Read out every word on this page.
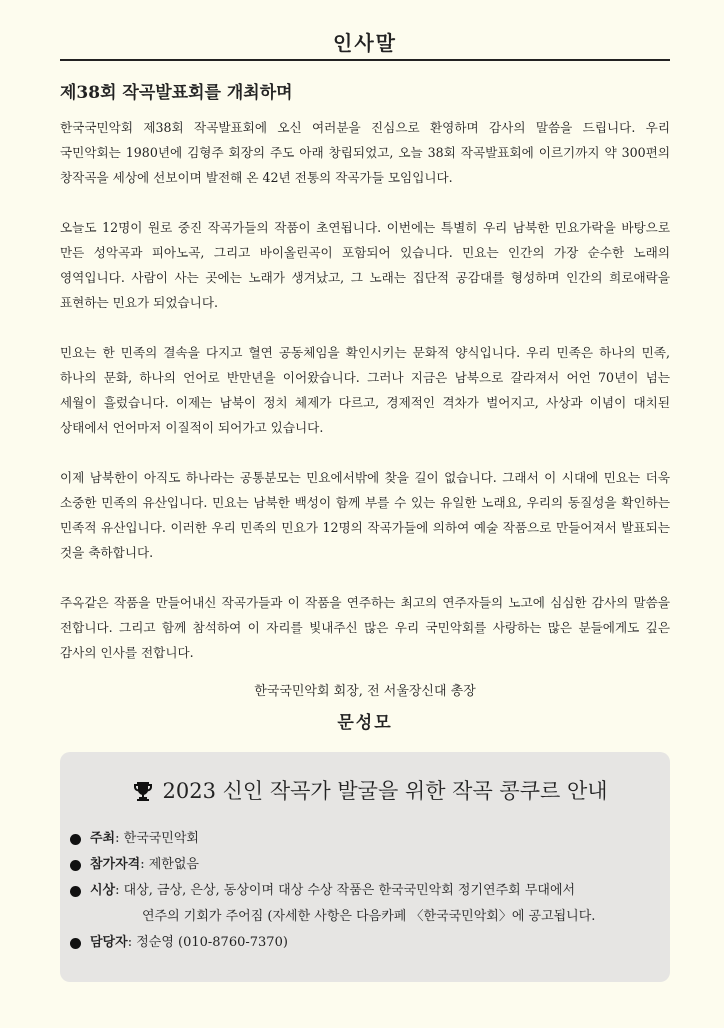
인사말
제38회 작곡발표회를 개최하며

한국국민악회 제38회 작곡발표회에 오신 여러분을 진심으로 환영하며 감사의 말씀을 드립니다. 우리 국민악회는 1980년에 김형주 회장의 주도 아래 창립되었고, 오늘 38회 작곡발표회에 이르기까지 약 300편의 창작곡을 세상에 선보이며 발전해 온 42년 전통의 작곡가들 모임입니다.

오늘도 12명이 원로 중진 작곡가들의 작품이 초연됩니다. 이번에는 특별히 우리 남북한 민요가락을 바탕으로 만든 성악곡과 피아노곡, 그리고 바이올린곡이 포함되어 있습니다. 민요는 인간의 가장 순수한 노래의 영역입니다. 사람이 사는 곳에는 노래가 생겨났고, 그 노래는 집단적 공감대를 형성하며 인간의 희로애락을 표현하는 민요가 되었습니다.

민요는 한 민족의 결속을 다지고 혈연 공동체임을 확인시키는 문화적 양식입니다. 우리 민족은 하나의 민족, 하나의 문화, 하나의 언어로 반만년을 이어왔습니다. 그러나 지금은 남북으로 갈라져서 어언 70년이 넘는 세월이 흘렀습니다. 이제는 남북이 정치 체제가 다르고, 경제적인 격차가 벌어지고, 사상과 이념이 대치된 상태에서 언어마저 이질적이 되어가고 있습니다.

이제 남북한이 아직도 하나라는 공통분모는 민요에서밖에 찾을 길이 없습니다. 그래서 이 시대에 민요는 더욱 소중한 민족의 유산입니다. 민요는 남북한 백성이 함께 부를 수 있는 유일한 노래요, 우리의 동질성을 확인하는 민족적 유산입니다. 이러한 우리 민족의 민요가 12명의 작곡가들에 의하여 예술 작품으로 만들어져서 발표되는 것을 축하합니다.

주옥같은 작품을 만들어내신 작곡가들과 이 작품을 연주하는 최고의 연주자들의 노고에 심심한 감사의 말씀을 전합니다. 그리고 함께 참석하여 이 자리를 빛내주신 많은 우리 국민악회를 사랑하는 많은 분들에게도 깊은 감사의 인사를 전합니다.

한국국민악회 회장, 전 서울장신대 총장
문성모
2023 신인 작곡가 발굴을 위한 작곡 콩쿠르 안내
주최: 한국국민악회
참가자격: 제한없음
시상: 대상, 금상, 은상, 동상이며 대상 수상 작품은 한국국민악회 정기연주회 무대에서
연주의 기회가 주어짐 (자세한 사항은 다음카페 〈한국국민악회〉에 공고됩니다.
담당자: 정순영 (010-8760-7370)
